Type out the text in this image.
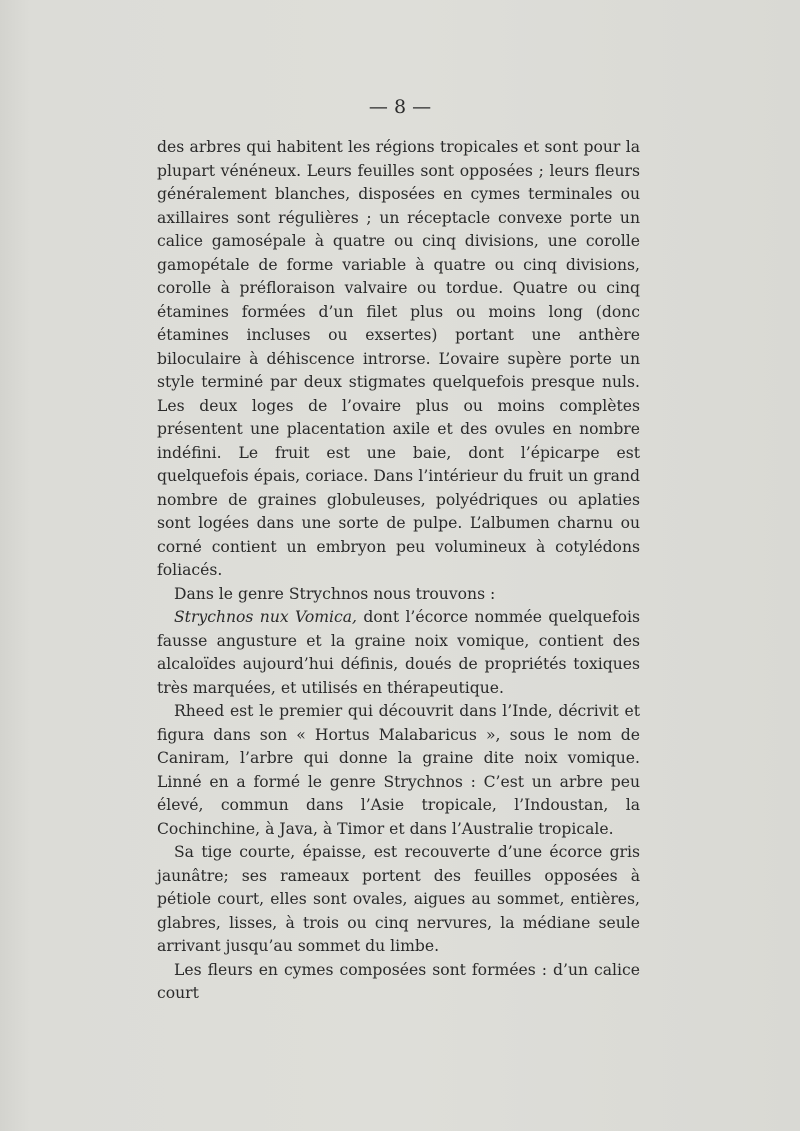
— 8 —

des arbres qui habitent les régions tropicales et sont pour la plupart vénéneux. Leurs feuilles sont opposées ; leurs fleurs généralement blanches, disposées en cymes terminales ou axillaires sont régulières ; un réceptacle convexe porte un calice gamosépale à quatre ou cinq divisions, une corolle gamopétale de forme variable à quatre ou cinq divisions, corolle à préfloraison valvaire ou tordue. Quatre ou cinq étamines formées d’un filet plus ou moins long (donc étamines incluses ou exsertes) portant une anthère biloculaire à déhiscence introrse. L’ovaire supère porte un style terminé par deux stigmates quelquefois presque nuls. Les deux loges de l’ovaire plus ou moins complètes présentent une placentation axile et des ovules en nombre indéfini. Le fruit est une baie, dont l’épicarpe est quelquefois épais, coriace. Dans l’intérieur du fruit un grand nombre de graines globuleuses, polyédriques ou aplaties sont logées dans une sorte de pulpe. L’albumen charnu ou corné contient un embryon peu volumineux à cotylédons foliacés.

Dans le genre Strychnos nous trouvons :

Strychnos nux Vomica, dont l’écorce nommée quelquefois fausse angusture et la graine noix vomique, contient des alcaloïdes aujourd’hui définis, doués de propriétés toxiques très marquées, et utilisés en thérapeutique.

Rheed est le premier qui découvrit dans l’Inde, décrivit et figura dans son « Hortus Malabaricus », sous le nom de Caniram, l’arbre qui donne la graine dite noix vomique. Linné en a formé le genre Strychnos : C’est un arbre peu élevé, commun dans l’Asie tropicale, l’Indoustan, la Cochinchine, à Java, à Timor et dans l’Australie tropicale.

Sa tige courte, épaisse, est recouverte d’une écorce gris jaunâtre; ses rameaux portent des feuilles opposées à pétiole court, elles sont ovales, aigues au sommet, entières, glabres, lisses, à trois ou cinq nervures, la médiane seule arrivant jusqu’au sommet du limbe.

Les fleurs en cymes composées sont formées : d’un calice court
